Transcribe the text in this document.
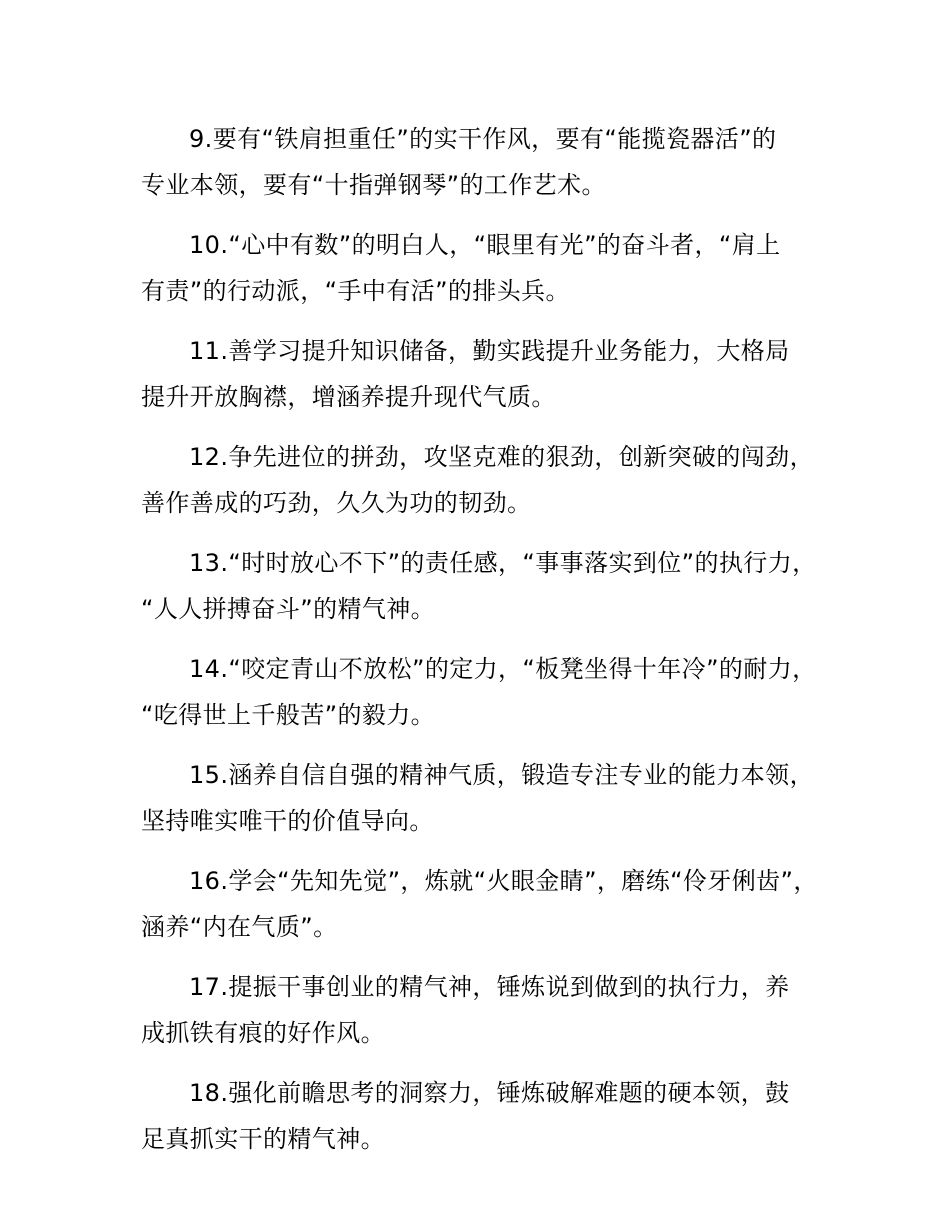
9.要有“铁肩担重任”的实干作风，要有“能揽瓷器活”的
专业本领，要有“十指弹钢琴”的工作艺术。

10.“心中有数”的明白人，“眼里有光”的奋斗者，“肩上
有责”的行动派，“手中有活”的排头兵。

11.善学习提升知识储备，勤实践提升业务能力，大格局
提升开放胸襟，增涵养提升现代气质。

12.争先进位的拼劲，攻坚克难的狠劲，创新突破的闯劲，
善作善成的巧劲，久久为功的韧劲。

13.“时时放心不下”的责任感，“事事落实到位”的执行力，
“人人拼搏奋斗”的精气神。

14.“咬定青山不放松”的定力，“板凳坐得十年冷”的耐力，
“吃得世上千般苦”的毅力。

15.涵养自信自强的精神气质，锻造专注专业的能力本领，
坚持唯实唯干的价值导向。

16.学会“先知先觉”，炼就“火眼金睛”，磨练“伶牙俐齿”，
涵养“内在气质”。

17.提振干事创业的精气神，锤炼说到做到的执行力，养
成抓铁有痕的好作风。

18.强化前瞻思考的洞察力，锤炼破解难题的硬本领，鼓
足真抓实干的精气神。
